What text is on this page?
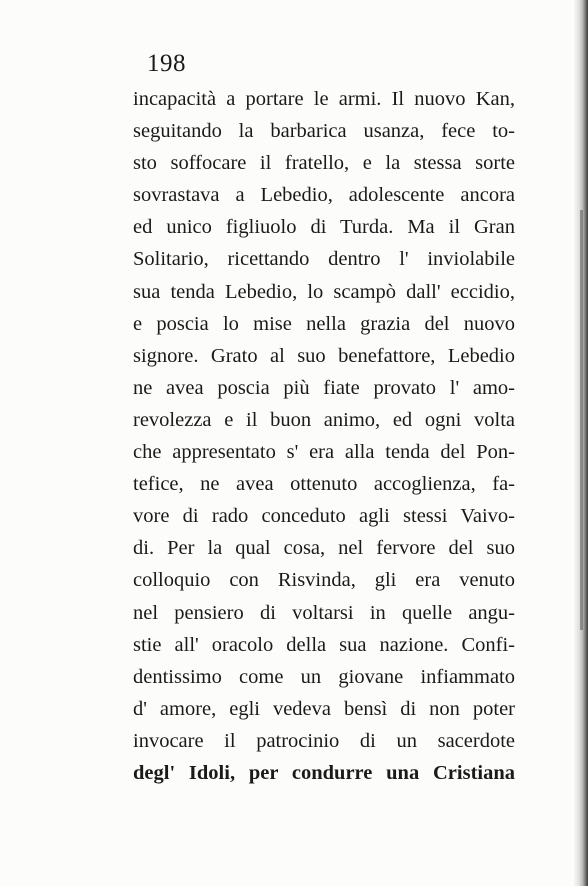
198
incapacità a portare le armi. Il nuovo Kan,
seguitando la barbarica usanza, fece to-
sto soffocare il fratello, e la stessa sorte
sovrastava a Lebedio, adolescente ancora
ed unico figliuolo di Turda. Ma il Gran
Solitario, ricettando dentro l' inviolabile
sua tenda Lebedio, lo scampò dall' eccidio,
e poscia lo mise nella grazia del nuovo
signore. Grato al suo benefattore, Lebedio
ne avea poscia più fiate provato l' amo-
revolezza e il buon animo, ed ogni volta
che appresentato s' era alla tenda del Pon-
tefice, ne avea ottenuto accoglienza, fa-
vore di rado conceduto agli stessi Vaivo-
di. Per la qual cosa, nel fervore del suo
colloquio con Risvinda, gli era venuto
nel pensiero di voltarsi in quelle angu-
stie all' oracolo della sua nazione. Confi-
dentissimo come un giovane infiammato
d' amore, egli vedeva bensì di non poter
invocare il patrocinio di un sacerdote
degl' Idoli, per condurre una Cristiana
